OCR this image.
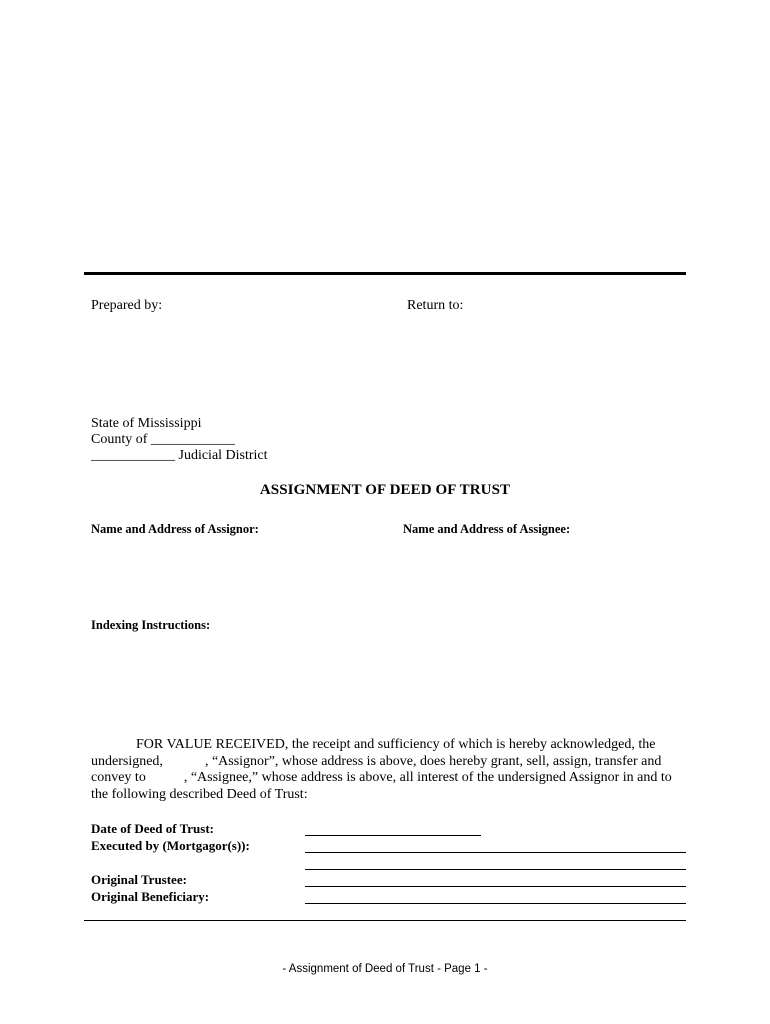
Prepared by:	Return to:
State of Mississippi
County of ____________
____________ Judicial District
ASSIGNMENT OF DEED OF TRUST
Name and Address of Assignor:	Name and Address of Assignee:
Indexing Instructions:
FOR VALUE RECEIVED, the receipt and sufficiency of which is hereby acknowledged, the
undersigned,	, “Assignor”, whose address is above, does hereby grant, sell, assign, transfer and
convey to	, “Assignee,” whose address is above, all interest of the undersigned Assignor in and to
the following described Deed of Trust:
Date of Deed of Trust:
Executed by (Mortgagor(s)):
Original Trustee:
Original Beneficiary:
- Assignment of Deed of Trust - Page 1 -
